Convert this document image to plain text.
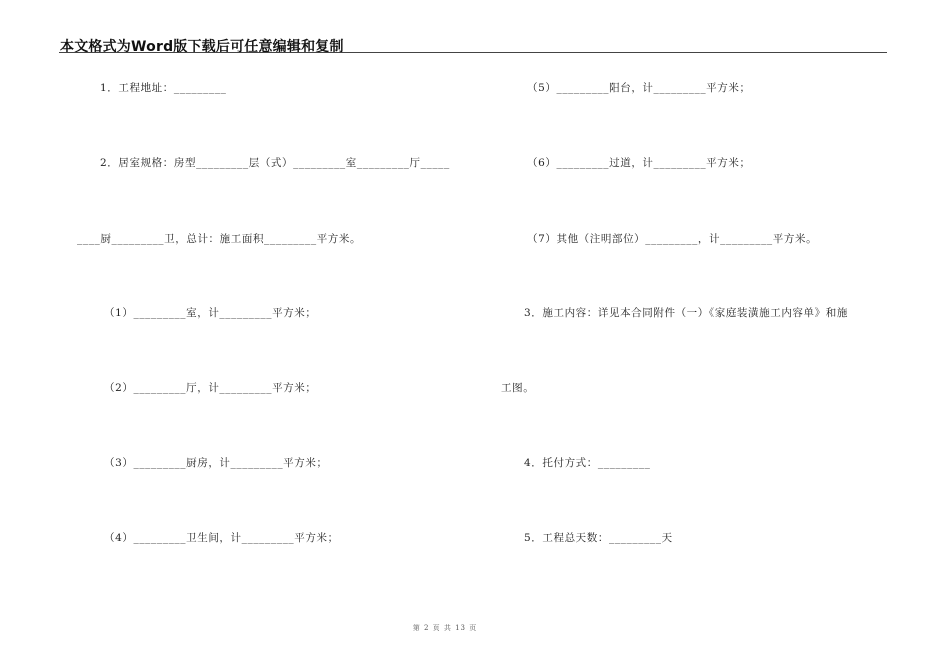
本文格式为Word版下载后可任意编辑和复制
1．工程地址：_________
2．居室规格：房型_________层（式）_________室_________厅_____
____厨_________卫，总计：施工面积_________平方米。
（1）_________室，计_________平方米；
（2）_________厅，计_________平方米；
（3）_________厨房，计_________平方米；
（4）_________卫生间，计_________平方米；
（5）_________阳台，计_________平方米；
（6）_________过道，计_________平方米；
（7）其他（注明部位）_________，计_________平方米。
3．施工内容：详见本合同附件（一）《家庭装潢施工内容单》和施
工图。
4．托付方式：_________
5．工程总天数：_________天
第 2 页 共 13 页
